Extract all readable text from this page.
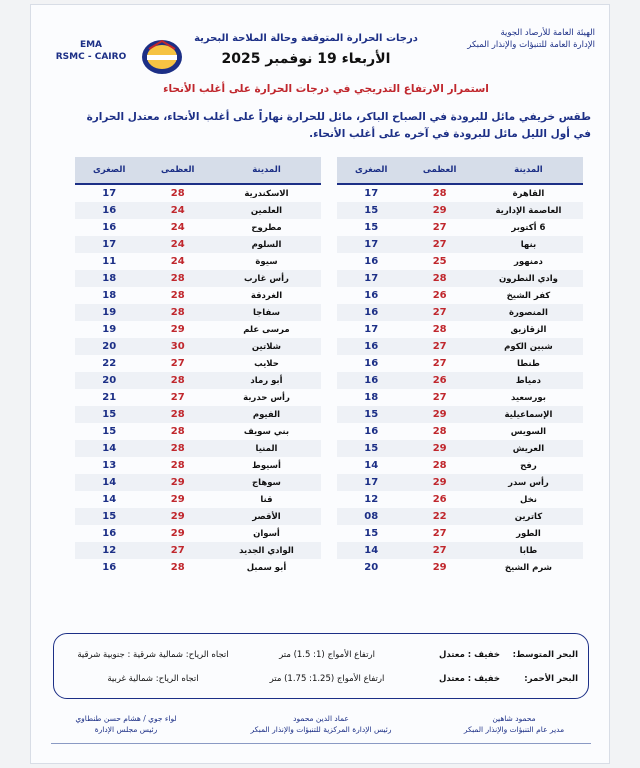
الهيئة العامة للأرصاد الجوية
الإدارة العامة للتنبؤات والإنذار المبكر
EMA
RSMC - CAIRO
درجات الحرارة المتوقعة وحالة الملاحة البحرية
الأربعاء 19 نوفمبر 2025
استمرار الارتفاع التدريجي في درجات الحرارة على أغلب الأنحاء
طقس خريفي مائل للبرودة في الصباح الباكر، مائل للحرارة نهاراً على أغلب الأنحاء، معتدل الحرارة
في أول الليل مائل للبرودة في آخره على أغلب الأنحاء.
المدينة	العظمى	الصغرى
القاهرة	28	17
العاصمة الإدارية	29	15
6 أكتوبر	27	15
بنها	27	17
دمنهور	25	16
وادي النطرون	28	17
كفر الشيخ	26	16
المنصورة	27	16
الزقازيق	28	17
شبين الكوم	27	16
طنطا	27	16
دمياط	26	16
بورسعيد	27	18
الإسماعيلية	29	15
السويس	28	16
العريش	29	15
رفح	28	14
رأس سدر	29	17
نخل	26	12
كاترين	22	08
الطور	27	15
طابا	27	14
شرم الشيخ	29	20
المدينة	العظمى	الصغرى
الاسكندرية	28	17
العلمين	24	16
مطروح	24	16
السلوم	24	17
سيوة	24	11
رأس غارب	28	18
الغردقة	28	18
سفاجا	28	19
مرسى علم	29	19
شلاتين	30	20
حلايب	27	22
أبو رماد	28	20
رأس حدربة	27	21
الفيوم	28	15
بني سويف	28	15
المنيا	28	14
أسيوط	28	13
سوهاج	29	14
قنا	29	14
الأقصر	29	15
أسوان	29	16
الوادي الجديد	27	12
أبو سمبل	28	16
البحر المتوسط:
خفيف : معتدل
ارتفاع الأمواج (1: 1.5) متر
اتجاه الرياح: شمالية شرقية : جنوبية شرقية
البحر الأحمر:
خفيف : معتدل
ارتفاع الأمواج (1.25: 1.75) متر
اتجاه الرياح: شمالية غربية
محمود شاهين
مدير عام التنبؤات والإنذار المبكر
عماد الدين محمود
رئيس الإدارة المركزية للتنبؤات والإنذار المبكر
لواء جوي / هشام حسن طنطاوي
رئيس مجلس الإدارة
